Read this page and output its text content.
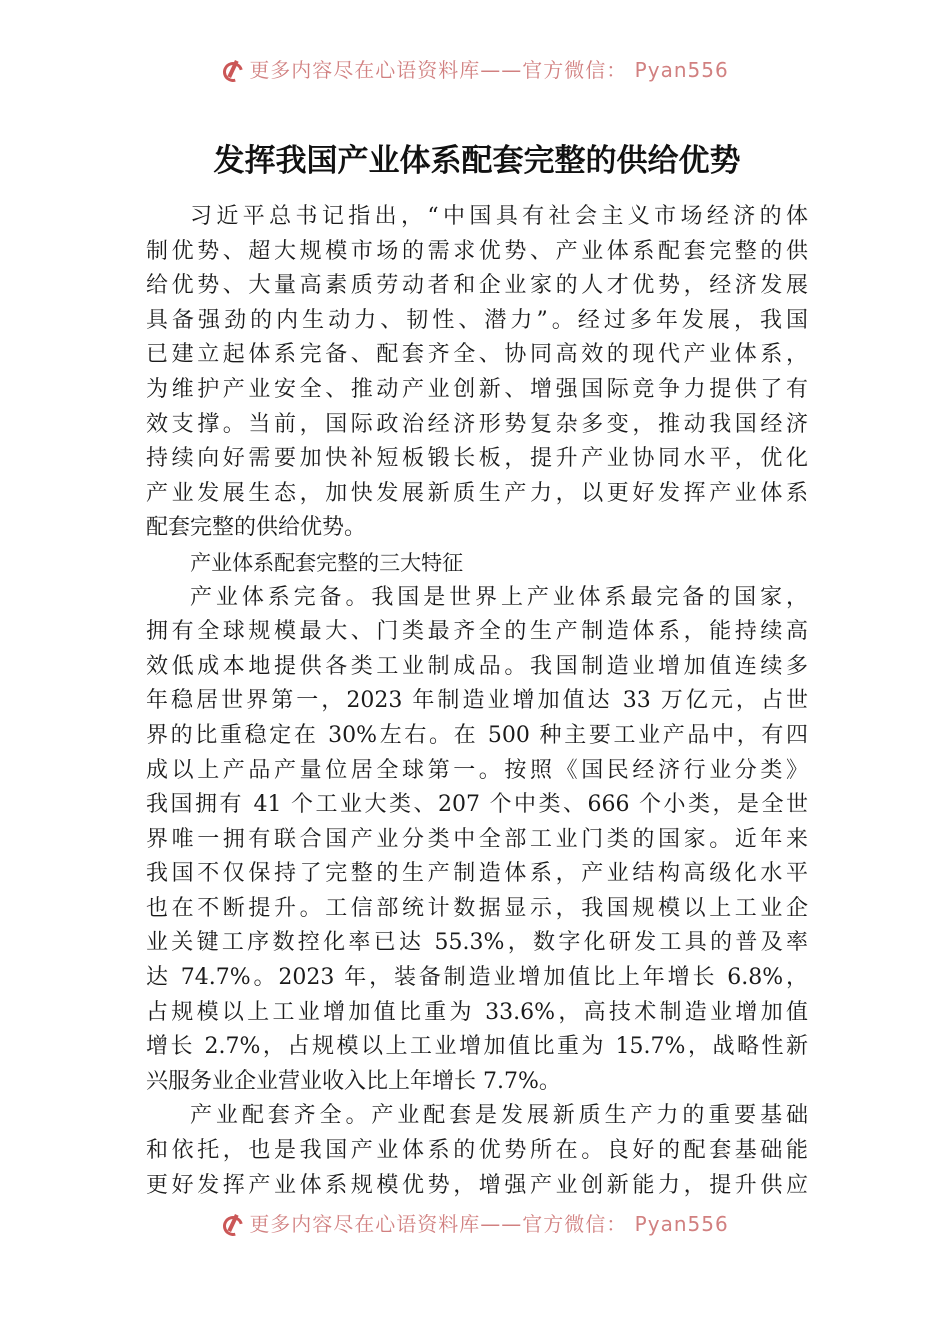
更多内容尽在心语资料库——官方微信： Pyan556
发挥我国产业体系配套完整的供给优势

习近平总书记指出，“中国具有社会主义市场经济的体
制优势、超大规模市场的需求优势、产业体系配套完整的供
给优势、大量高素质劳动者和企业家的人才优势，经济发展
具备强劲的内生动力、韧性、潜力”。经过多年发展，我国
已建立起体系完备、配套齐全、协同高效的现代产业体系，
为维护产业安全、推动产业创新、增强国际竞争力提供了有
效支撑。当前，国际政治经济形势复杂多变，推动我国经济
持续向好需要加快补短板锻长板，提升产业协同水平，优化
产业发展生态，加快发展新质生产力，以更好发挥产业体系
配套完整的供给优势。

产业体系配套完整的三大特征

产业体系完备。我国是世界上产业体系最完备的国家，
拥有全球规模最大、门类最齐全的生产制造体系，能持续高
效低成本地提供各类工业制成品。我国制造业增加值连续多
年稳居世界第一，2023 年制造业增加值达 33 万亿元，占世
界的比重稳定在 30%左右。在 500 种主要工业产品中，有四
成以上产品产量位居全球第一。按照《国民经济行业分类》
我国拥有 41 个工业大类、207 个中类、666 个小类，是全世
界唯一拥有联合国产业分类中全部工业门类的国家。近年来
我国不仅保持了完整的生产制造体系，产业结构高级化水平
也在不断提升。工信部统计数据显示，我国规模以上工业企
业关键工序数控化率已达 55.3%，数字化研发工具的普及率
达 74.7%。2023 年，装备制造业增加值比上年增长 6.8%，
占规模以上工业增加值比重为 33.6%，高技术制造业增加值
增长 2.7%，占规模以上工业增加值比重为 15.7%，战略性新
兴服务业企业营业收入比上年增长 7.7%。

产业配套齐全。产业配套是发展新质生产力的重要基础
和依托，也是我国产业体系的优势所在。良好的配套基础能
更好发挥产业体系规模优势，增强产业创新能力，提升供应

更多内容尽在心语资料库——官方微信： Pyan556
